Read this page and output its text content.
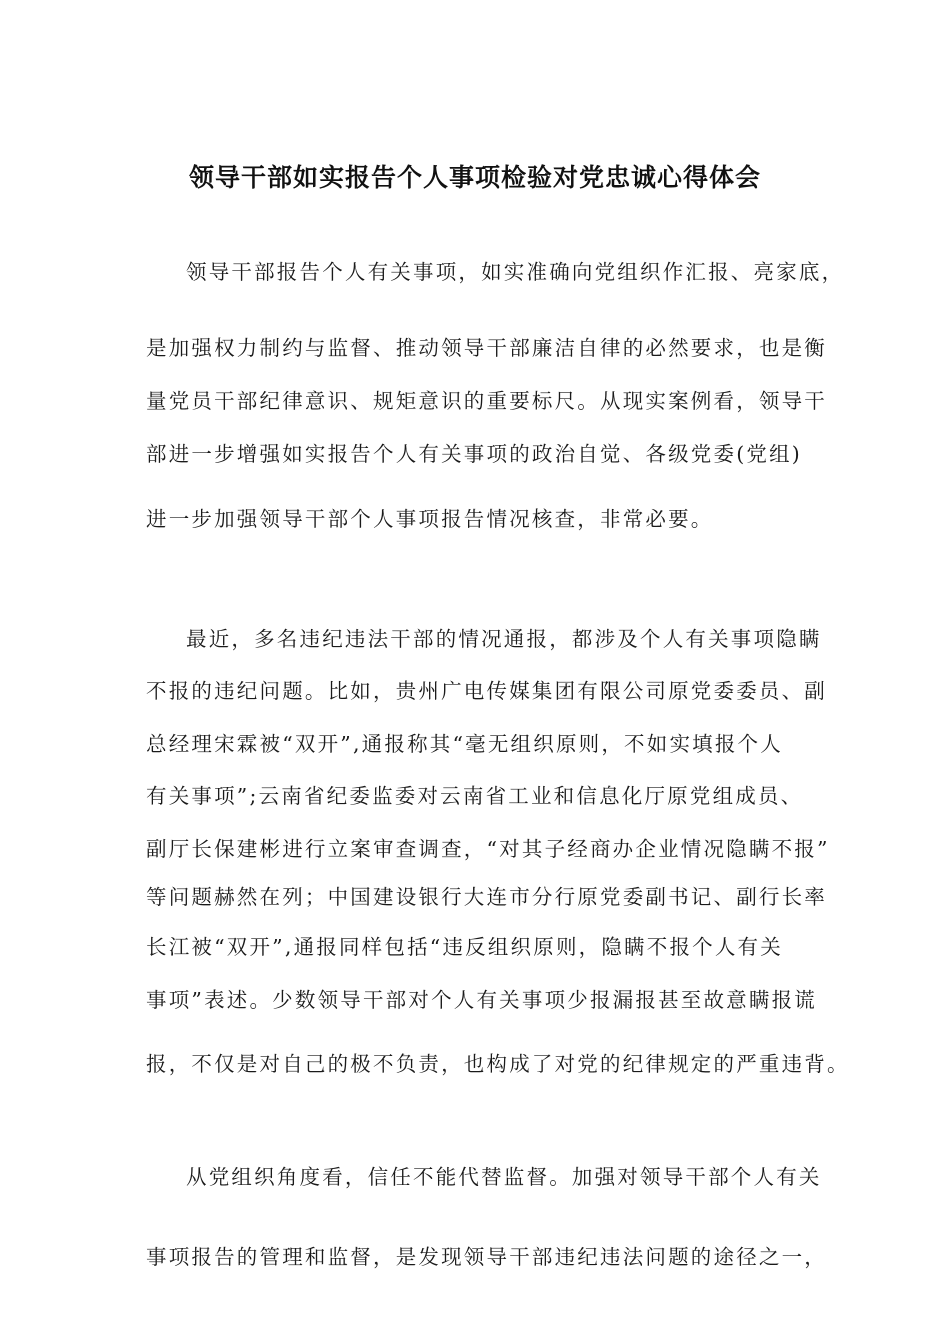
领导干部如实报告个人事项检验对党忠诚心得体会
领导干部报告个人有关事项，如实准确向党组织作汇报、亮家底，
是加强权力制约与监督、推动领导干部廉洁自律的必然要求，也是衡
量党员干部纪律意识、规矩意识的重要标尺。从现实案例看，领导干
部进一步增强如实报告个人有关事项的政治自觉、各级党委(党组)
进一步加强领导干部个人事项报告情况核查，非常必要。
最近，多名违纪违法干部的情况通报，都涉及个人有关事项隐瞒
不报的违纪问题。比如，贵州广电传媒集团有限公司原党委委员、副
总经理宋霖被“双开”,通报称其“毫无组织原则，不如实填报个人
有关事项”;云南省纪委监委对云南省工业和信息化厅原党组成员、
副厅长保建彬进行立案审查调查，“对其子经商办企业情况隐瞒不报”
等问题赫然在列；中国建设银行大连市分行原党委副书记、副行长率
长江被“双开”,通报同样包括“违反组织原则，隐瞒不报个人有关
事项”表述。少数领导干部对个人有关事项少报漏报甚至故意瞒报谎
报，不仅是对自己的极不负责，也构成了对党的纪律规定的严重违背。
从党组织角度看，信任不能代替监督。加强对领导干部个人有关
事项报告的管理和监督，是发现领导干部违纪违法问题的途径之一，
